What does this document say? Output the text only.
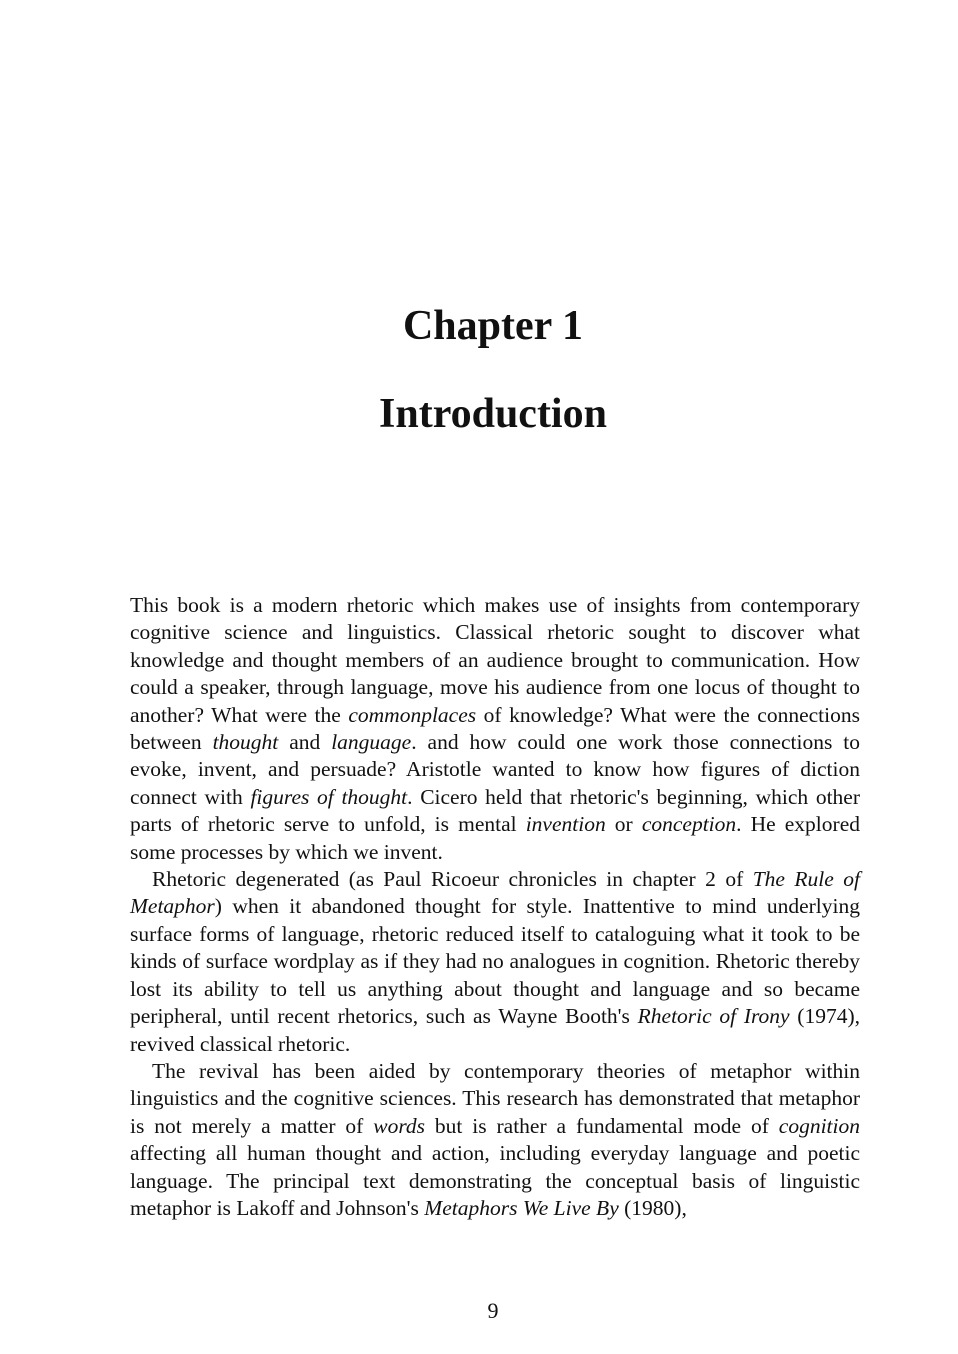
Chapter 1
Introduction

This book is a modern rhetoric which makes use of insights from contemporary cognitive science and linguistics. Classical rhetoric sought to discover what knowledge and thought members of an audience brought to communication. How could a speaker, through language, move his audience from one locus of thought to another? What were the commonplaces of knowledge? What were the connections between thought and language. and how could one work those connections to evoke, invent, and persuade? Aristotle wanted to know how figures of diction connect with figures of thought. Cicero held that rhetoric's beginning, which other parts of rhetoric serve to unfold, is mental invention or conception. He explored some processes by which we invent.

Rhetoric degenerated (as Paul Ricoeur chronicles in chapter 2 of The Rule of Metaphor) when it abandoned thought for style. Inattentive to mind underlying surface forms of language, rhetoric reduced itself to cataloguing what it took to be kinds of surface wordplay as if they had no analogues in cognition. Rhetoric thereby lost its ability to tell us anything about thought and language and so became peripheral, until recent rhetorics, such as Wayne Booth's Rhetoric of Irony (1974), revived classical rhetoric.

The revival has been aided by contemporary theories of metaphor within linguistics and the cognitive sciences. This research has demonstrated that metaphor is not merely a matter of words but is rather a fundamental mode of cognition affecting all human thought and action, including everyday language and poetic language. The principal text demonstrating the conceptual basis of linguistic metaphor is Lakoff and Johnson's Metaphors We Live By (1980),

9
